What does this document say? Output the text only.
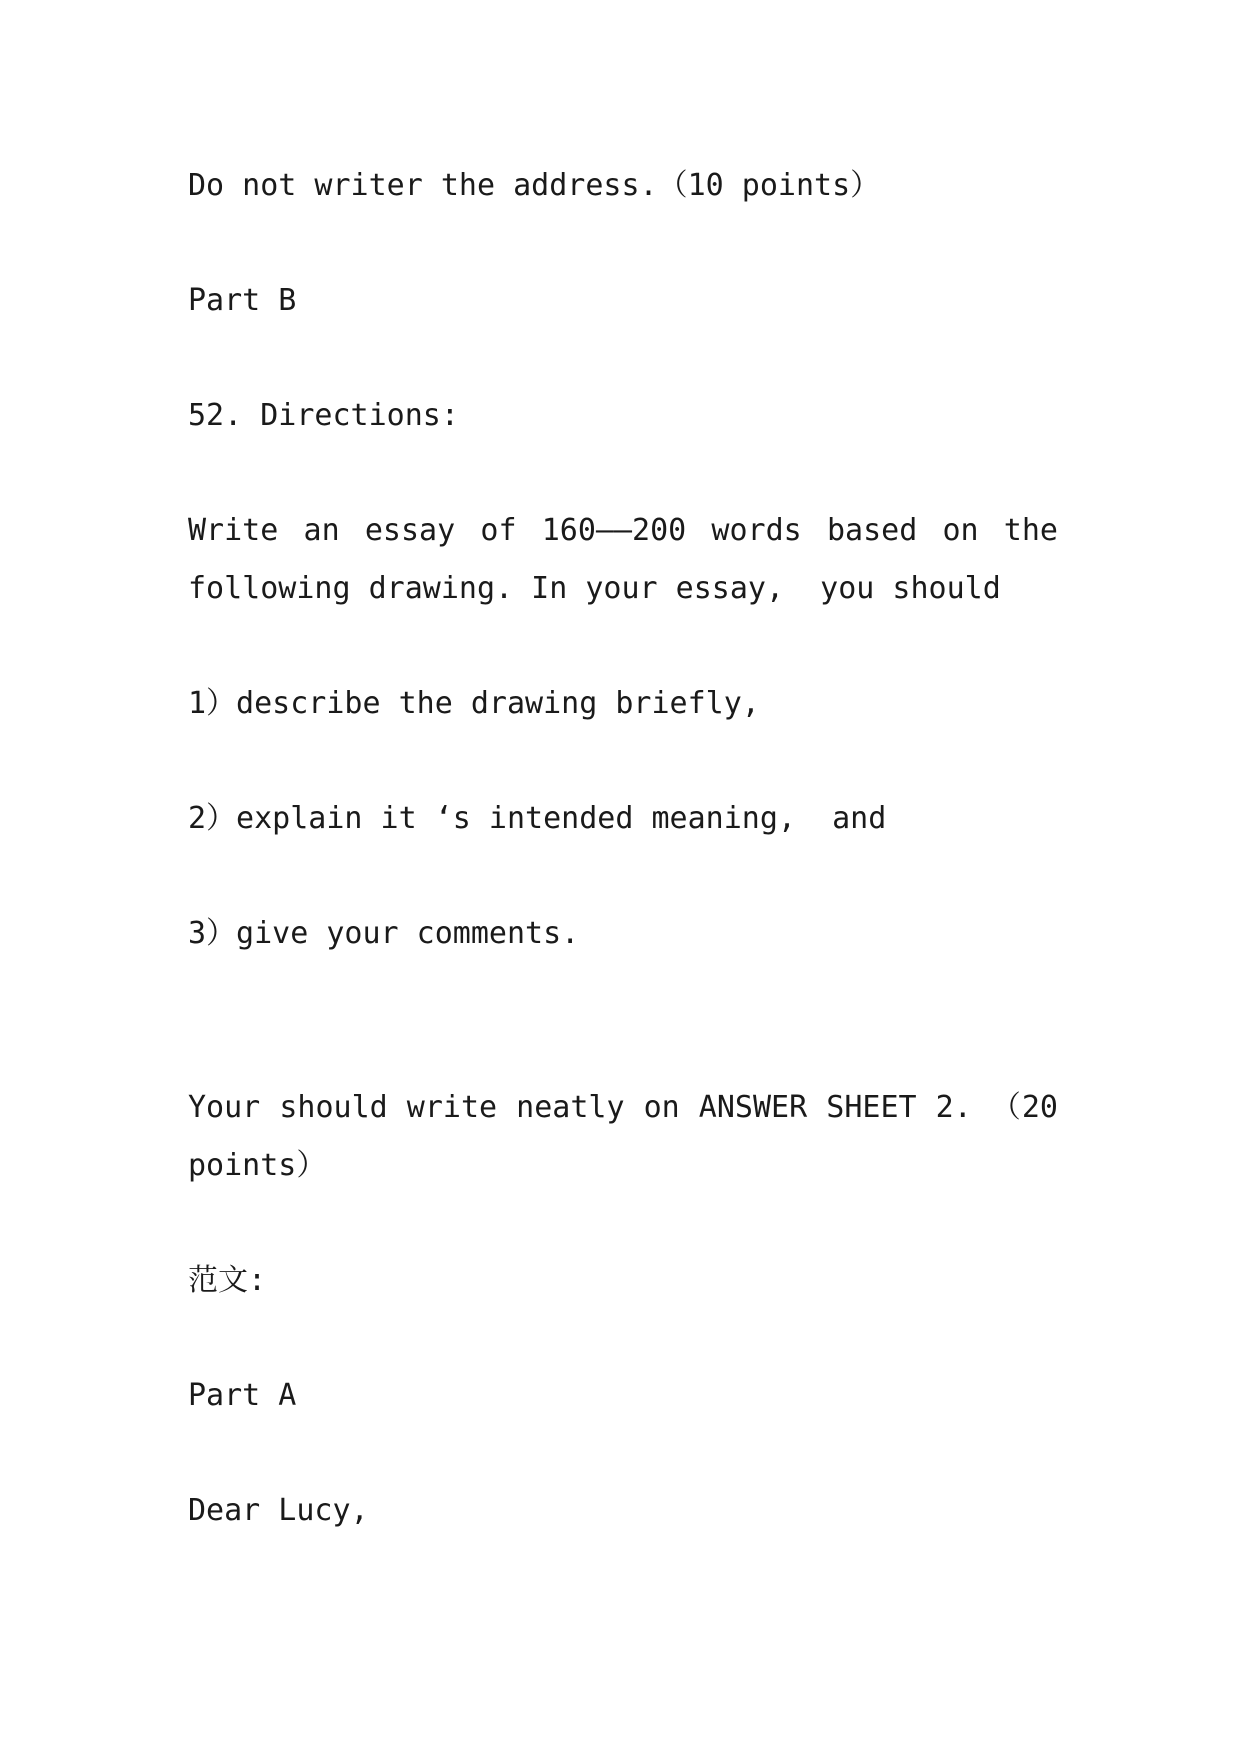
Do not writer the address.（10 points）
Part B
52. Directions:
Write an essay of 160——200 words based on the
following drawing. In your essay,  you should
1）describe the drawing briefly,
2）explain it ‘s intended meaning,  and
3）give your comments.
Your should write neatly on ANSWER SHEET 2. （20
points）
范文:
Part A
Dear Lucy,
